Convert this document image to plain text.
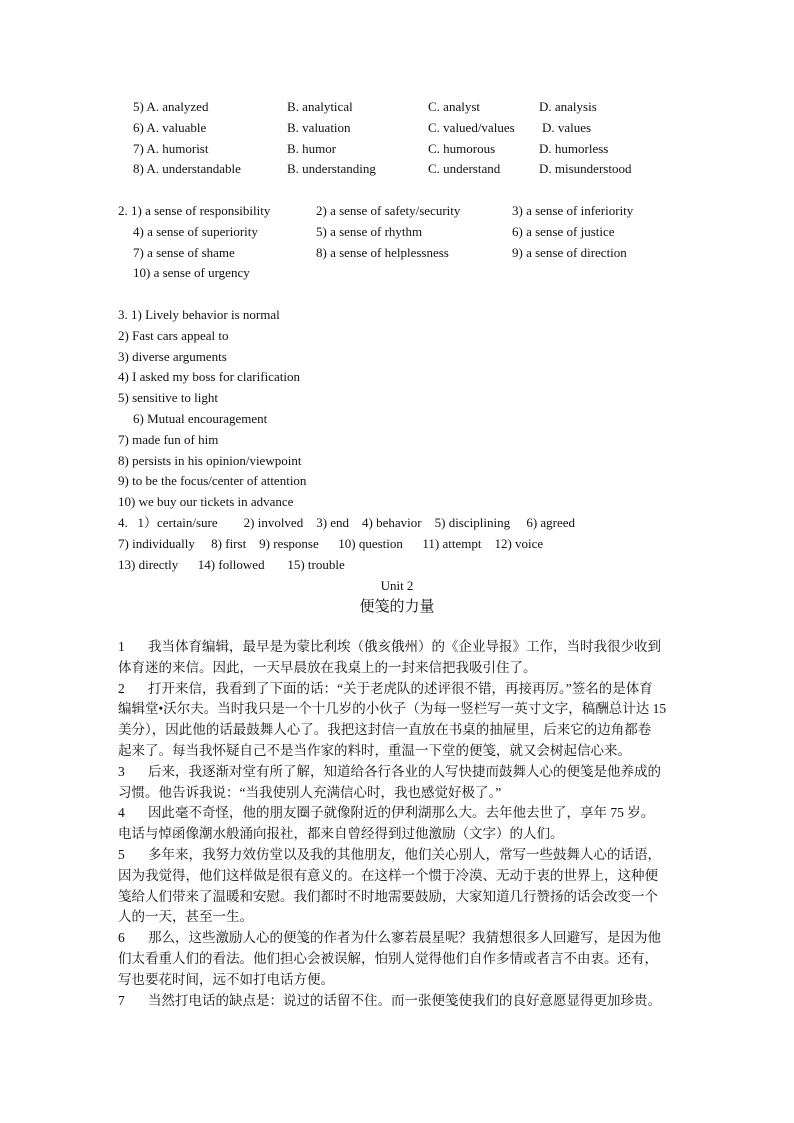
5) A. analyzed	B. analytical	C. analyst	D. analysis
6) A. valuable	B. valuation	C. valued/values D. values
7) A. humorist	B. humor	C. humorous	D. humorless
8) A. understandable	B. understanding	C. understand	D. misunderstood
2. 1) a sense of responsibility	2) a sense of safety/security	3) a sense of inferiority
4) a sense of superiority	5) a sense of rhythm	6) a sense of justice
7) a sense of shame	8) a sense of helplessness	9) a sense of direction
10) a sense of urgency
3. 1) Lively behavior is normal
2) Fast cars appeal to
3) diverse arguments
4) I asked my boss for clarification
5) sensitive to light
6) Mutual encouragement
7) made fun of him
8) persists in his opinion/viewpoint
9) to be the focus/center of attention
10) we buy our tickets in advance
4.   1）certain/sure        2) involved    3) end    4) behavior    5) disciplining     6) agreed
7) individually     8) first    9) response      10) question      11) attempt    12) voice
13) directly      14) followed       15) trouble
Unit 2
便笺的力量
1 我当体育编辑，最早是为蒙比利埃（俄亥俄州）的《企业导报》工作，当时我很少收到
体育迷的来信。因此，一天早晨放在我桌上的一封来信把我吸引住了。
2 打开来信，我看到了下面的话：“关于老虎队的述评很不错，再接再厉。”签名的是体育
编辑堂•沃尔夫。当时我只是一个十几岁的小伙子（为每一竖栏写一英寸文字，稿酬总计达 15
美分），因此他的话最鼓舞人心了。我把这封信一直放在书桌的抽屉里，后来它的边角都卷
起来了。每当我怀疑自己不是当作家的料时，重温一下堂的便笺，就又会树起信心来。
3 后来，我逐渐对堂有所了解，知道给各行各业的人写快捷而鼓舞人心的便笺是他养成的
习惯。他告诉我说：“当我使别人充满信心时，我也感觉好极了。”
4 因此毫不奇怪，他的朋友圈子就像附近的伊利湖那么大。去年他去世了，享年 75 岁。
电话与悼函像潮水般涌向报社，都来自曾经得到过他激励（文字）的人们。
5 多年来，我努力效仿堂以及我的其他朋友，他们关心别人，常写一些鼓舞人心的话语，
因为我觉得，他们这样做是很有意义的。在这样一个惯于冷漠、无动于衷的世界上，这种便
笺给人们带来了温暖和安慰。我们都时不时地需要鼓励，大家知道几行赞扬的话会改变一个
人的一天，甚至一生。
6 那么，这些激励人心的便笺的作者为什么寥若晨星呢？我猜想很多人回避写，是因为他
们太看重人们的看法。他们担心会被误解，怕别人觉得他们自作多情或者言不由衷。还有，
写也要花时间，远不如打电话方便。
7 当然打电话的缺点是：说过的话留不住。而一张便笺使我们的良好意愿显得更加珍贵。
